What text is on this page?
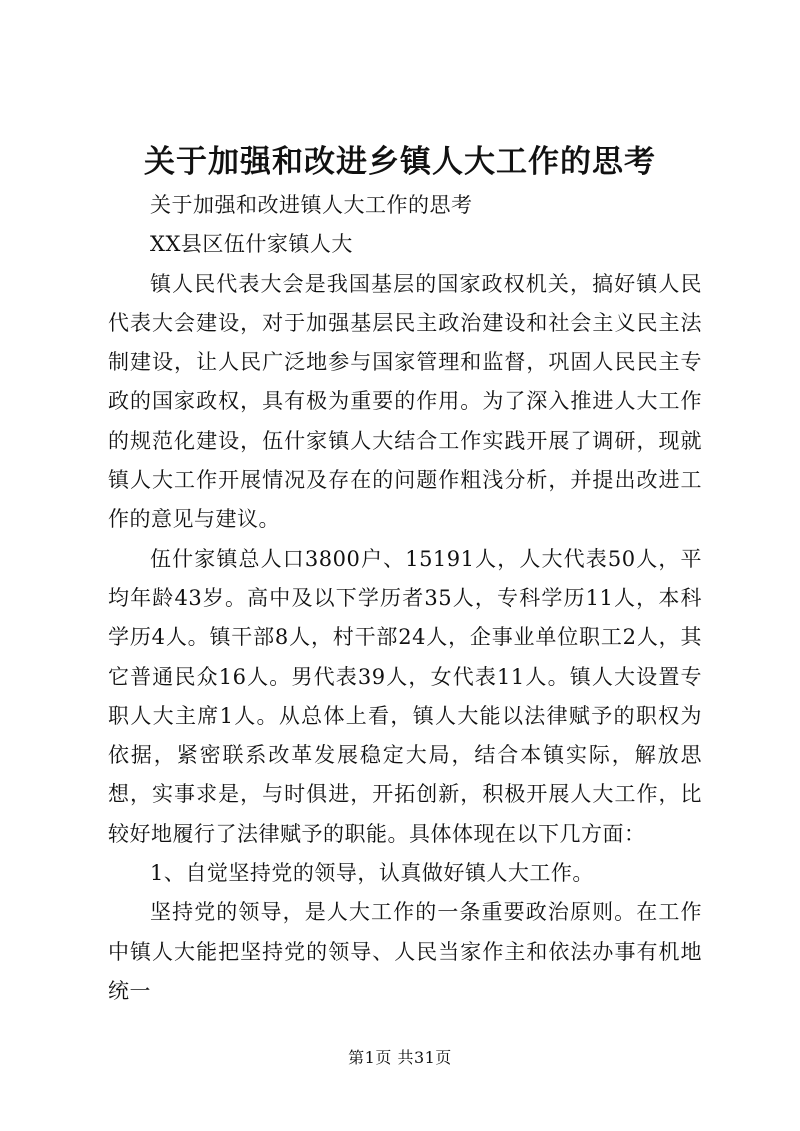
关于加强和改进乡镇人大工作的思考

关于加强和改进镇人大工作的思考

XX县区伍什家镇人大

镇人民代表大会是我国基层的国家政权机关，搞好镇人民代表大会建设，对于加强基层民主政治建设和社会主义民主法制建设，让人民广泛地参与国家管理和监督，巩固人民民主专政的国家政权，具有极为重要的作用。为了深入推进人大工作的规范化建设，伍什家镇人大结合工作实践开展了调研，现就镇人大工作开展情况及存在的问题作粗浅分析，并提出改进工作的意见与建议。

伍什家镇总人口3800户、15191人，人大代表50人，平均年龄43岁。高中及以下学历者35人，专科学历11人，本科学历4人。镇干部8人，村干部24人，企事业单位职工2人，其它普通民众16人。男代表39人，女代表11人。镇人大设置专职人大主席1人。从总体上看，镇人大能以法律赋予的职权为依据，紧密联系改革发展稳定大局，结合本镇实际，解放思想，实事求是，与时俱进，开拓创新，积极开展人大工作，比较好地履行了法律赋予的职能。具体体现在以下几方面：

1、自觉坚持党的领导，认真做好镇人大工作。

坚持党的领导，是人大工作的一条重要政治原则。在工作中镇人大能把坚持党的领导、人民当家作主和依法办事有机地统一

第1页 共31页
